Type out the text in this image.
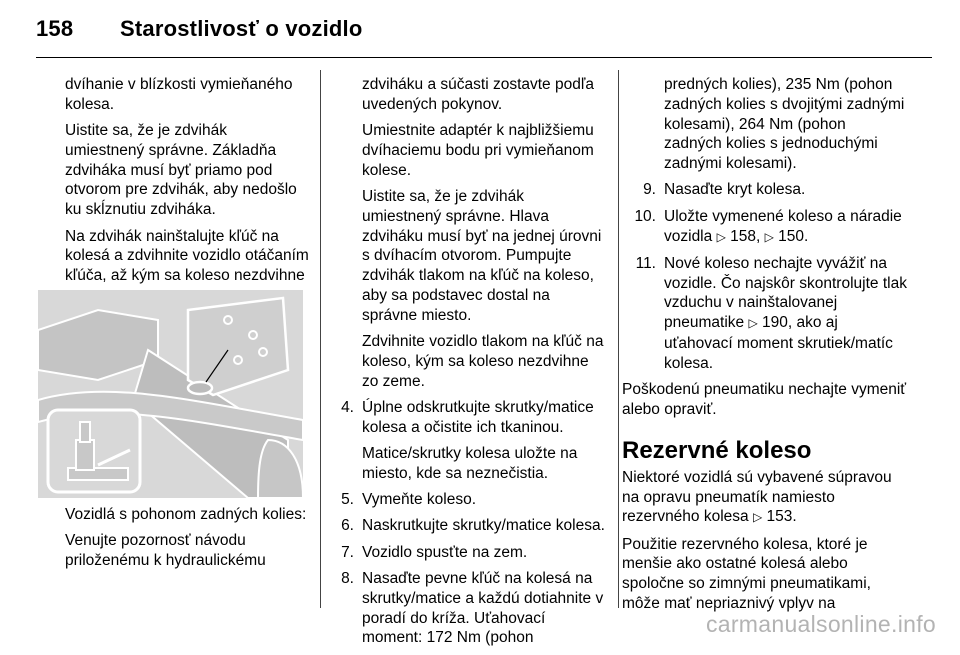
158 Starostlivosť o vozidlo

dvíhanie v blízkosti vymieňaného kolesa.

Uistite sa, že je zdvihák umiestnený správne. Základňa zdviháka musí byť priamo pod otvorom pre zdvihák, aby nedošlo ku skĺznutiu zdviháka.

Na zdvihák nainštalujte kľúč na kolesá a zdvihnite vozidlo otáčaním kľúča, až kým sa koleso nezdvihne

Vozidlá s pohonom zadných kolies:

Venujte pozornosť návodu priloženému k hydraulickému

zdviháku a súčasti zostavte podľa uvedených pokynov.

Umiestnite adaptér k najbližšiemu dvíhaciemu bodu pri vymieňanom kolese.

Uistite sa, že je zdvihák umiestnený správne. Hlava zdviháku musí byť na jednej úrovni s dvíhacím otvorom. Pumpujte zdvihák tlakom na kľúč na koleso, aby sa podstavec dostal na správne miesto.

Zdvihnite vozidlo tlakom na kľúč na koleso, kým sa koleso nezdvihne zo zeme.

4. Úplne odskrutkujte skrutky/matice kolesa a očistite ich tkaninou.
Matice/skrutky kolesa uložte na miesto, kde sa neznečistia.
5. Vymeňte koleso.
6. Naskrutkujte skrutky/matice kolesa.
7. Vozidlo spusťte na zem.
8. Nasaďte pevne kľúč na kolesá na skrutky/matice a každú dotiahnite v poradí do kríža. Uťahovací moment: 172 Nm (pohon
predných kolies), 235 Nm (pohon zadných kolies s dvojitými zadnými kolesami), 264 Nm (pohon zadných kolies s jednoduchými zadnými kolesami).
9. Nasaďte kryt kolesa.
10. Uložte vymenené koleso a náradie vozidla ▷ 158, ▷ 150.
11. Nové koleso nechajte vyvážiť na vozidle. Čo najskôr skontrolujte tlak vzduchu v nainštalovanej pneumatike ▷ 190, ako aj uťahovací moment skrutiek/matíc kolesa.

Poškodenú pneumatiku nechajte vymeniť alebo opraviť.

Rezervné koleso

Niektoré vozidlá sú vybavené súpravou na opravu pneumatík namiesto rezervného kolesa ▷ 153.

Použitie rezervného kolesa, ktoré je menšie ako ostatné kolesá alebo spoločne so zimnými pneumatikami, môže mať nepriaznivý vplyv na

carmanualsonline.info
